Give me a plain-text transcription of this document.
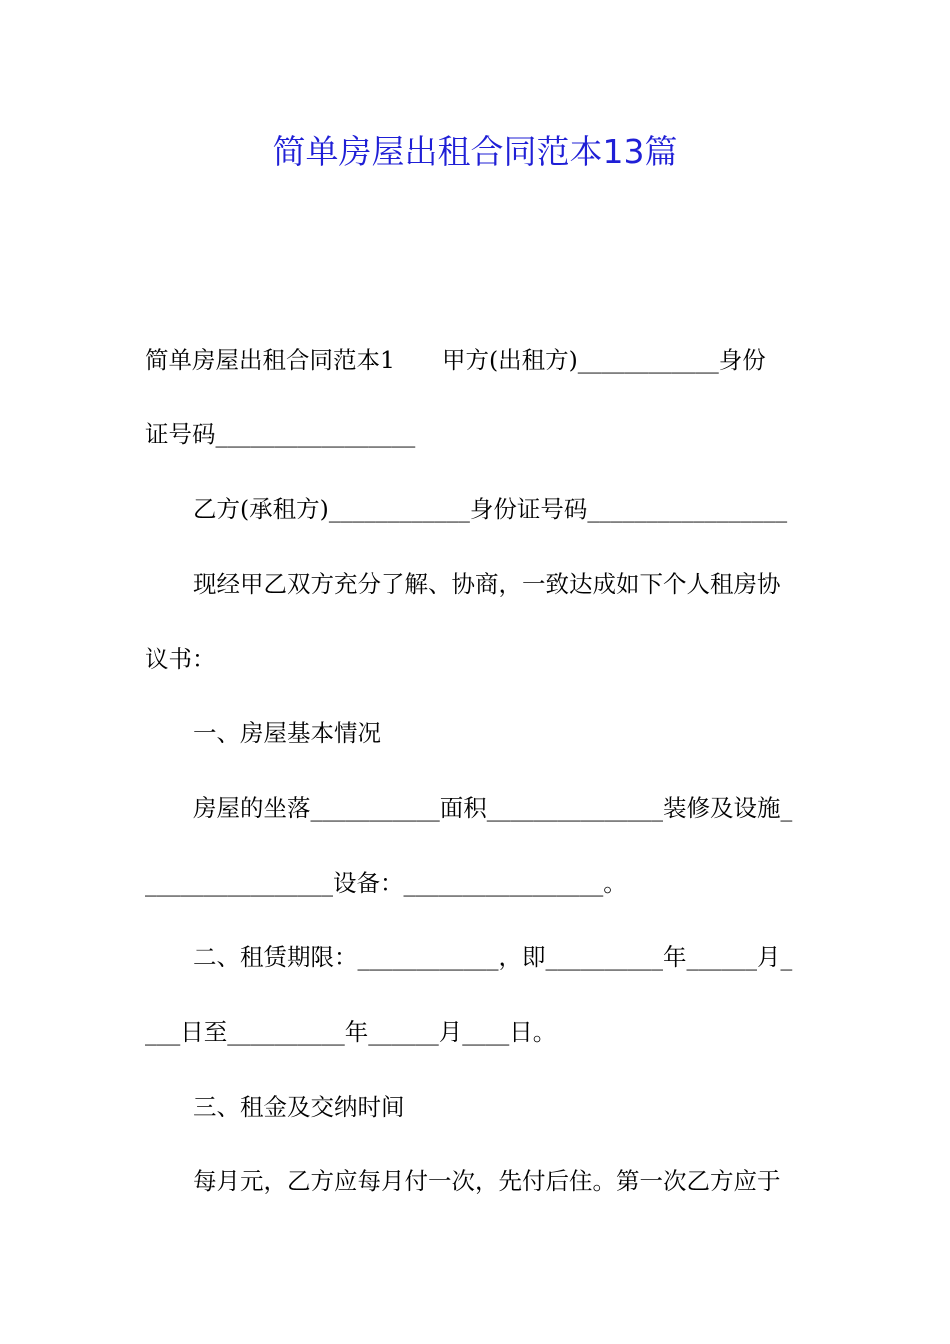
简单房屋出租合同范本13篇
简单房屋出租合同范本1　　甲方(出租方)____________身份
证号码_________________
乙方(承租方)____________身份证号码_________________
现经甲乙双方充分了解、协商，一致达成如下个人租房协
议书：
一、房屋基本情况
房屋的坐落___________面积_______________装修及设施_
________________设备：_________________。
二、租赁期限：____________，即__________年______月_
___日至__________年______月____日。
三、租金及交纳时间
每月元，乙方应每月付一次，先付后住。第一次乙方应于
